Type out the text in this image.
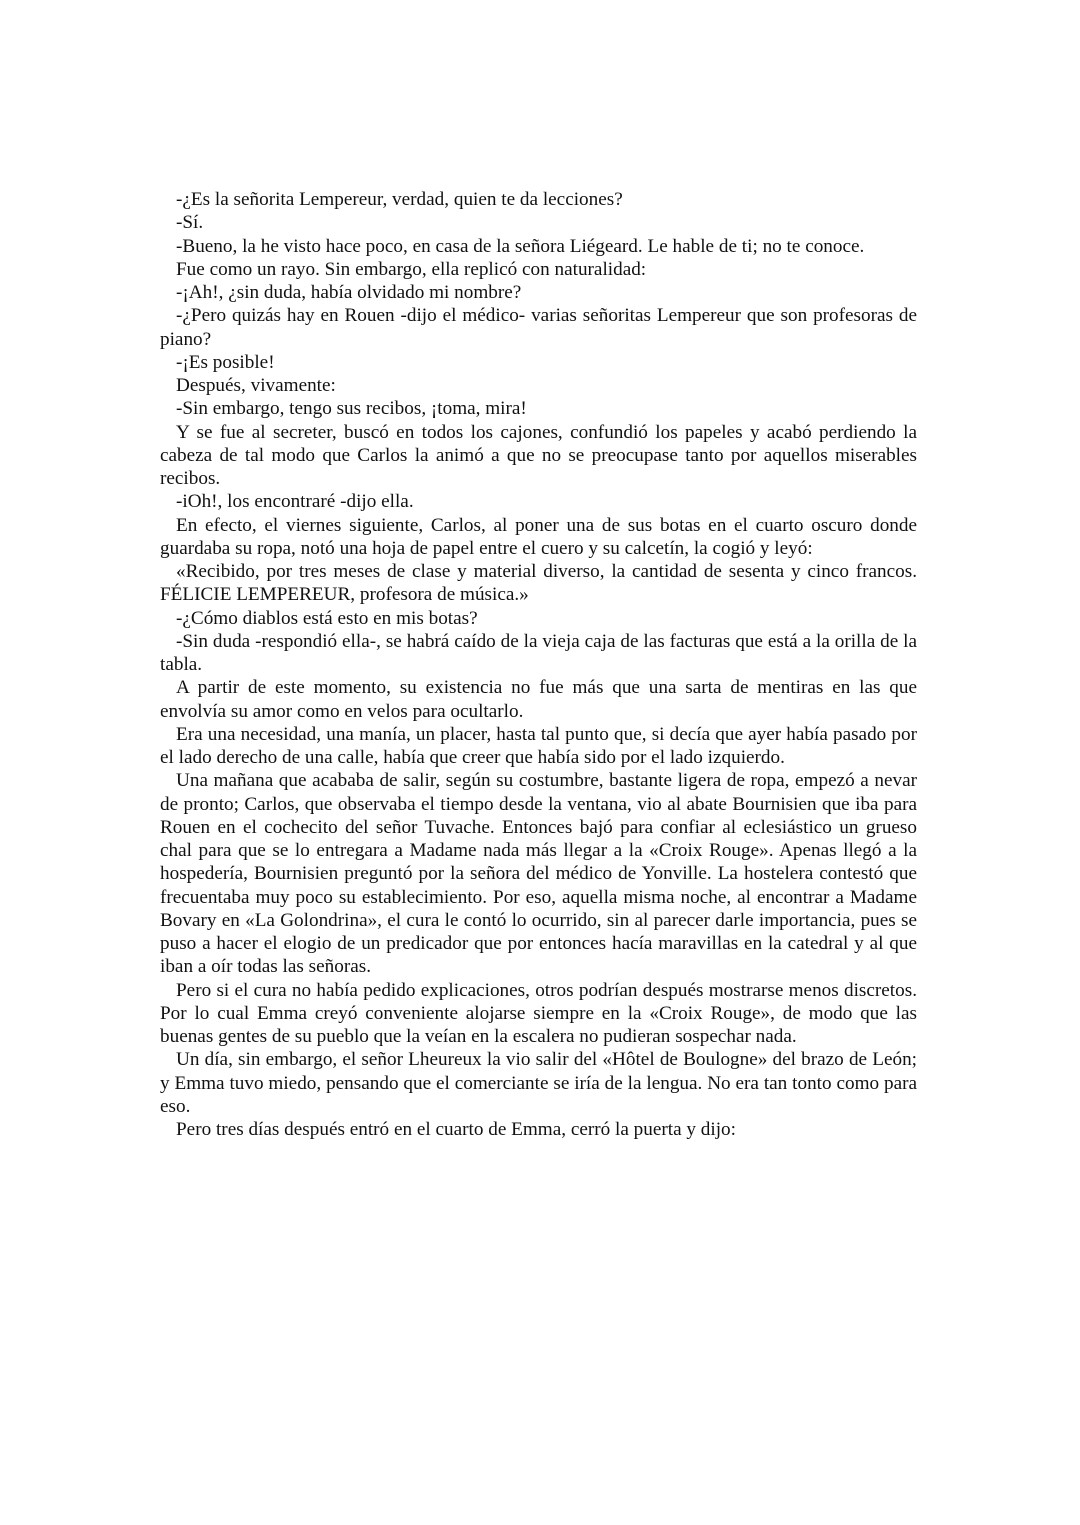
-¿Es la señorita Lempereur, verdad, quien te da lecciones?

-Sí.

-Bueno, la he visto hace poco, en casa de la señora Liégeard. Le hable de ti; no te conoce.

Fue como un rayo. Sin embargo, ella replicó con naturalidad:

-¡Ah!, ¿sin duda, había olvidado mi nombre?

-¿Pero quizás hay en Rouen -dijo el médico- varias señoritas Lempereur que son profesoras de piano?

-¡Es posible!

Después, vivamente:

-Sin embargo, tengo sus recibos, ¡toma, mira!

Y se fue al secreter, buscó en todos los cajones, confundió los papeles y acabó perdiendo la cabeza de tal modo que Carlos la animó a que no se preocupase tanto por aquellos miserables recibos.

-iOh!, los encontraré -dijo ella.

En efecto, el viernes siguiente, Carlos, al poner una de sus botas en el cuarto oscuro donde guardaba su ropa, notó una hoja de papel entre el cuero y su calcetín, la cogió y leyó:

«Recibido, por tres meses de clase y material diverso, la cantidad de sesenta y cinco francos. FÉLICIE LEMPEREUR, profesora de música.»

-¿Cómo diablos está esto en mis botas?

-Sin duda -respondió ella-, se habrá caído de la vieja caja de las facturas que está a la orilla de la tabla.

A partir de este momento, su existencia no fue más que una sarta de mentiras en las que envolvía su amor como en velos para ocultarlo.

Era una necesidad, una manía, un placer, hasta tal punto que, si decía que ayer había pasado por el lado derecho de una calle, había que creer que había sido por el lado izquierdo.

Una mañana que acababa de salir, según su costumbre, bastante ligera de ropa, empezó a nevar de pronto; Carlos, que observaba el tiempo desde la ventana, vio al abate Bournisien que iba para Rouen en el cochecito del señor Tuvache. Entonces bajó para confiar al eclesiástico un grueso chal para que se lo entregara a Madame nada más llegar a la «Croix Rouge». Apenas llegó a la hospedería, Bournisien preguntó por la señora del médico de Yonville. La hostelera contestó que frecuentaba muy poco su establecimiento. Por eso, aquella misma noche, al encontrar a Madame Bovary en «La Golondrina», el cura le contó lo ocurrido, sin al parecer darle importancia, pues se puso a hacer el elogio de un predicador que por entonces hacía maravillas en la catedral y al que iban a oír todas las señoras.

Pero si el cura no había pedido explicaciones, otros podrían después mostrarse menos discretos. Por lo cual Emma creyó conveniente alojarse siempre en la «Croix Rouge», de modo que las buenas gentes de su pueblo que la veían en la escalera no pudieran sospechar nada.

Un día, sin embargo, el señor Lheureux la vio salir del «Hôtel de Boulogne» del brazo de León; y Emma tuvo miedo, pensando que el comerciante se iría de la lengua. No era tan tonto como para eso.

Pero tres días después entró en el cuarto de Emma, cerró la puerta y dijo:
